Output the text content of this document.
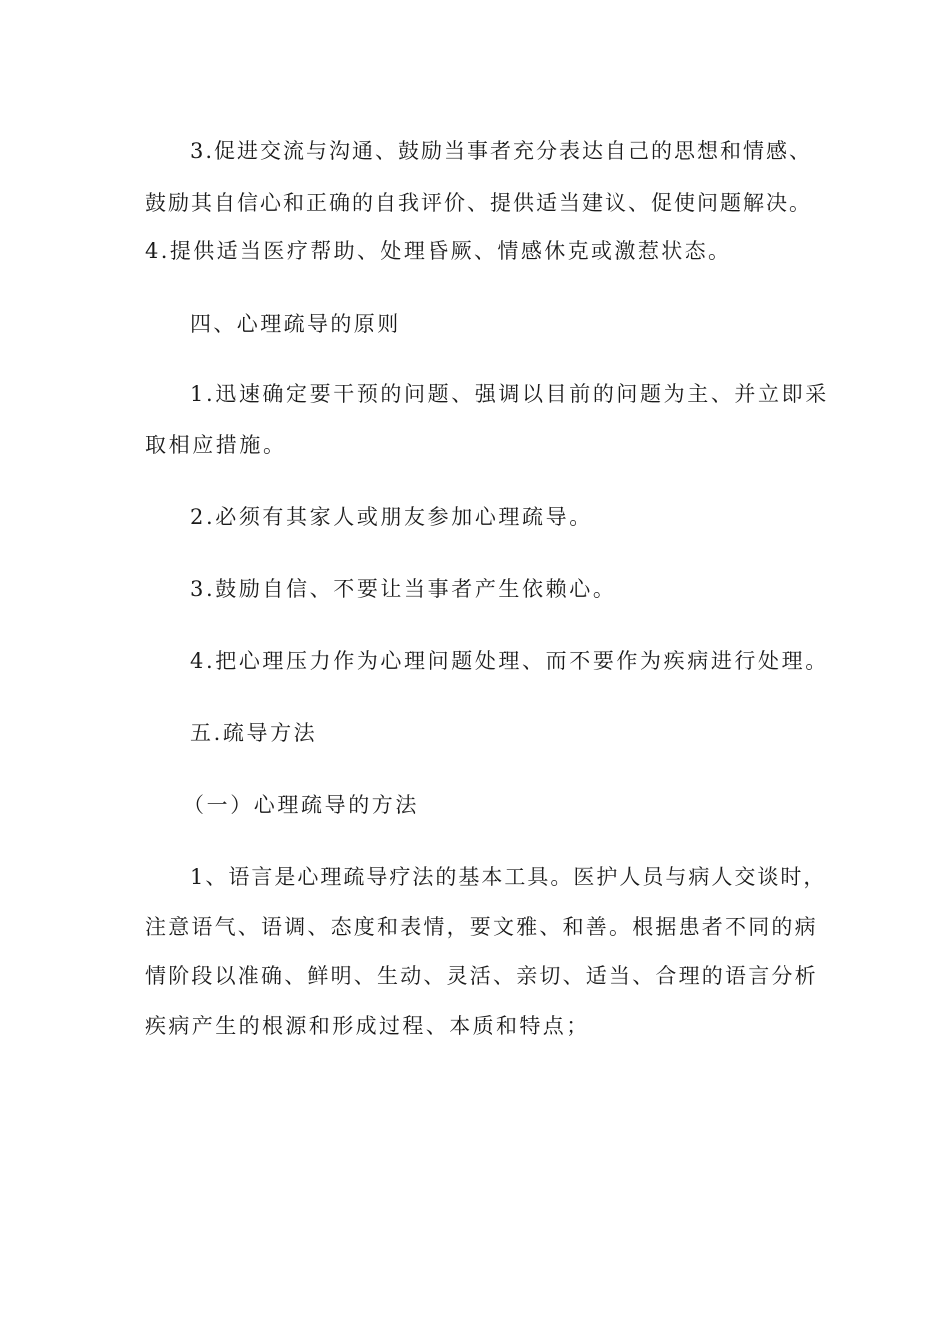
3.促进交流与沟通、鼓励当事者充分表达自己的思想和情感、
鼓励其自信心和正确的自我评价、提供适当建议、促使问题解决。
4.提供适当医疗帮助、处理昏厥、情感休克或激惹状态。
四、心理疏导的原则
1.迅速确定要干预的问题、强调以目前的问题为主、并立即采
取相应措施。
2.必须有其家人或朋友参加心理疏导。
3.鼓励自信、不要让当事者产生依赖心。
4.把心理压力作为心理问题处理、而不要作为疾病进行处理。
五.疏导方法
（一）心理疏导的方法
1、语言是心理疏导疗法的基本工具。医护人员与病人交谈时，
注意语气、语调、态度和表情，要文雅、和善。根据患者不同的病
情阶段以准确、鲜明、生动、灵活、亲切、适当、合理的语言分析
疾病产生的根源和形成过程、本质和特点；
